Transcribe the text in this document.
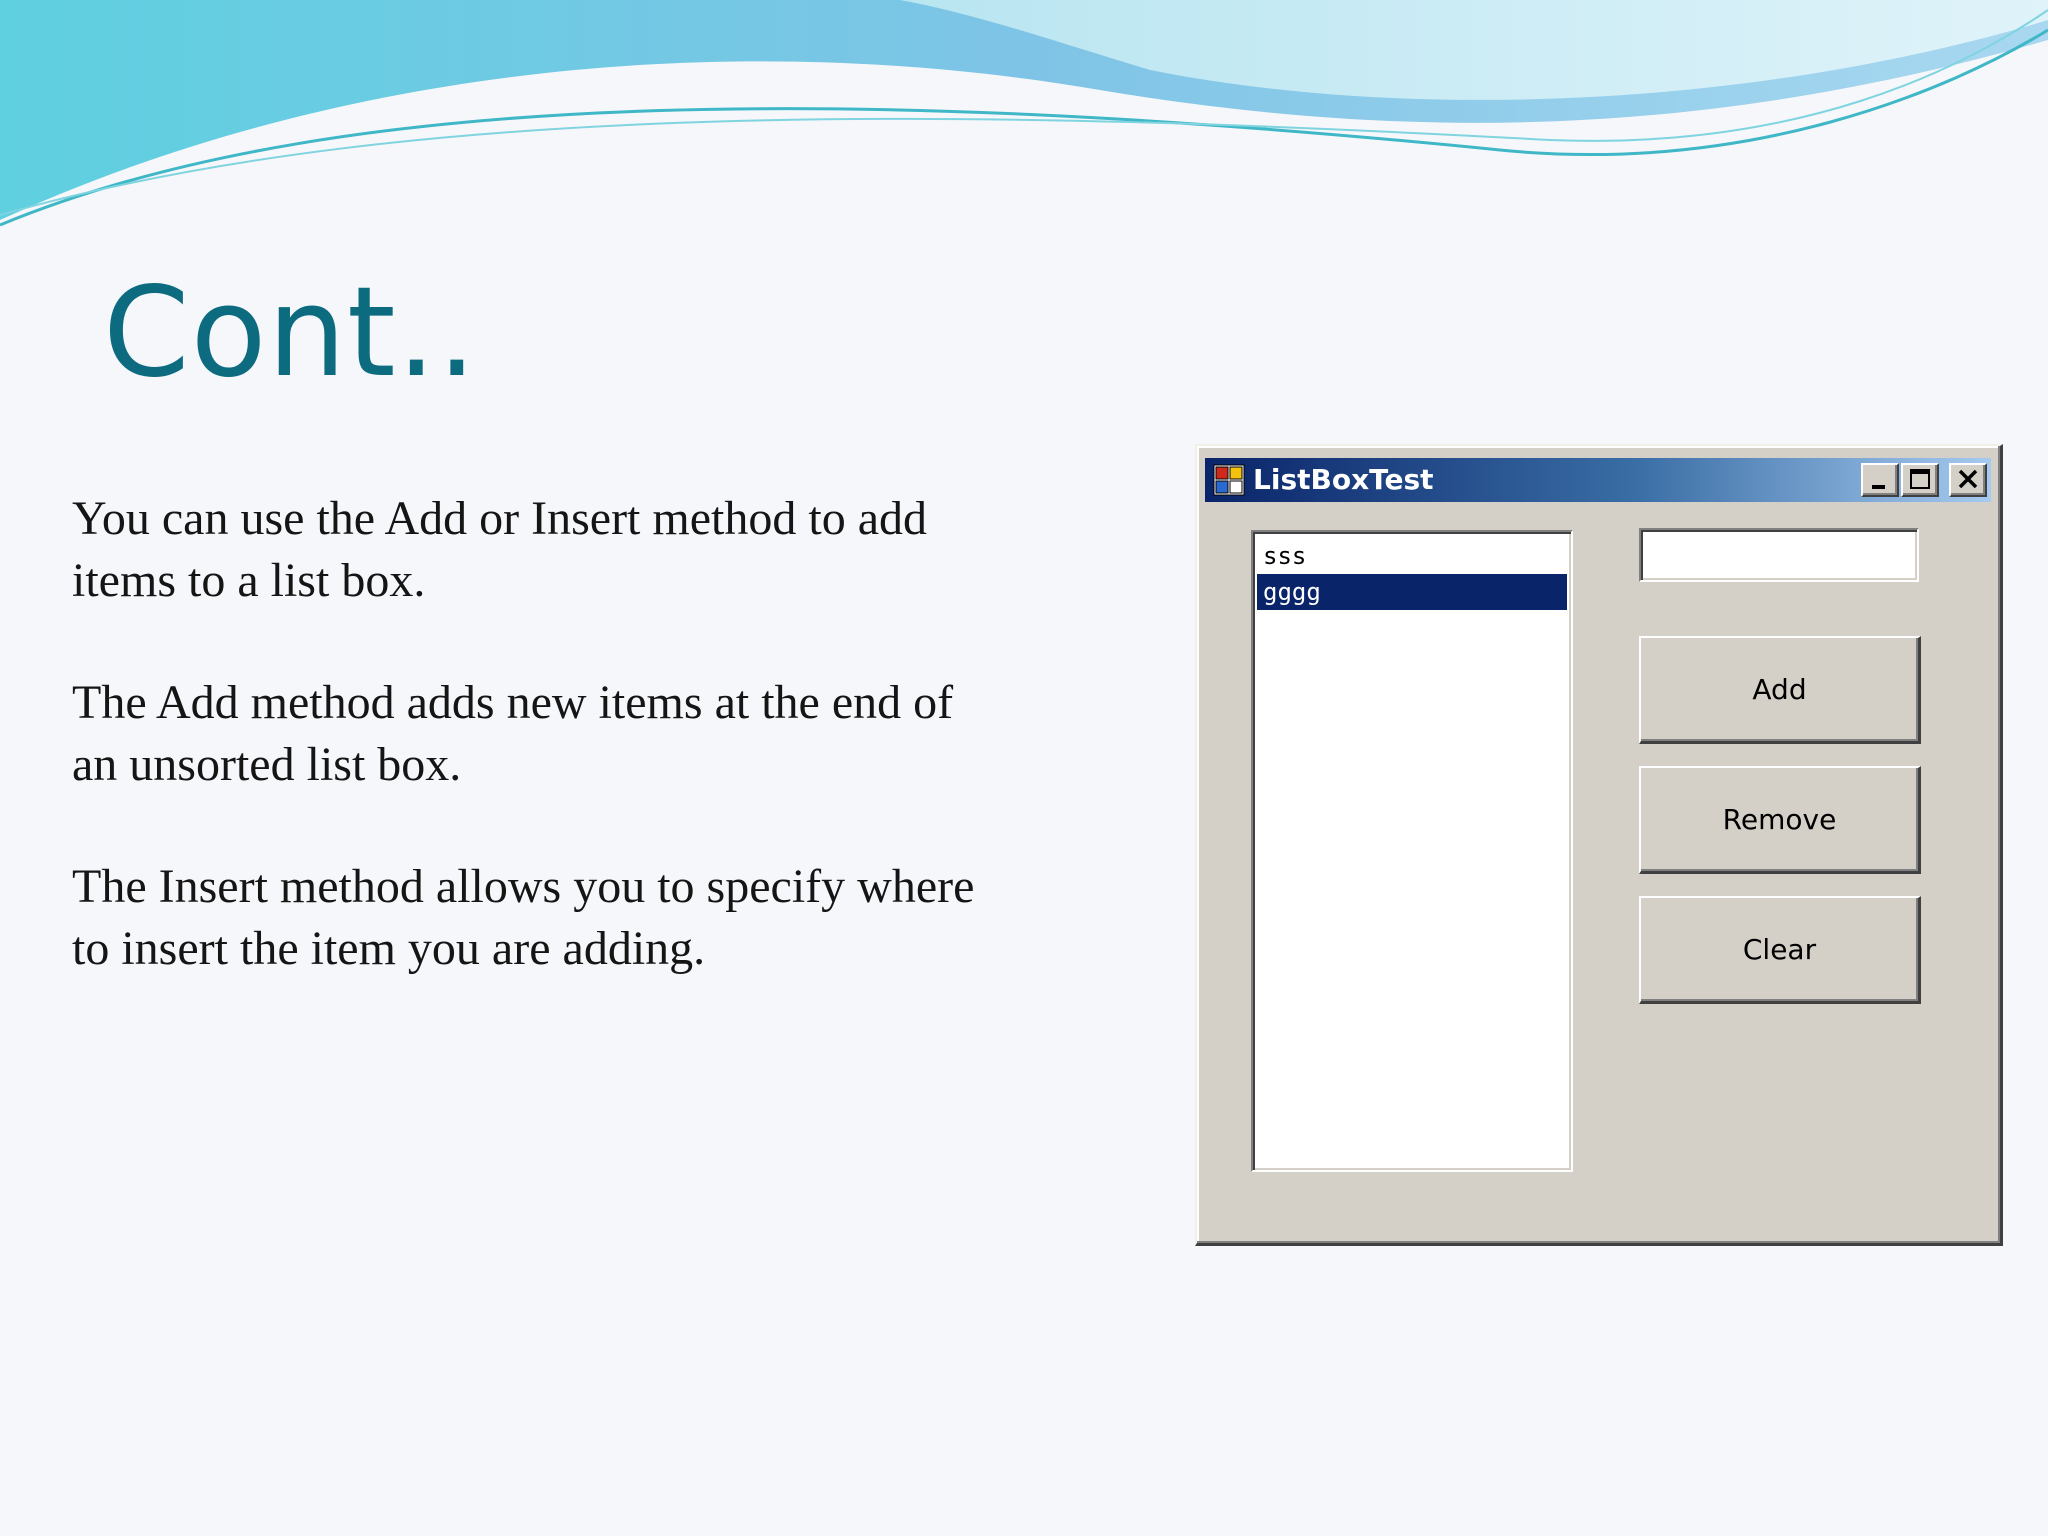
Cont..

You can use the Add or Insert method to add
items to a list box.

The Add method adds new items at the end of
an unsorted list box.

The Insert method allows you to specify where
to insert the item you are adding.

ListBoxTest
sss
gggg
Add
Remove
Clear
